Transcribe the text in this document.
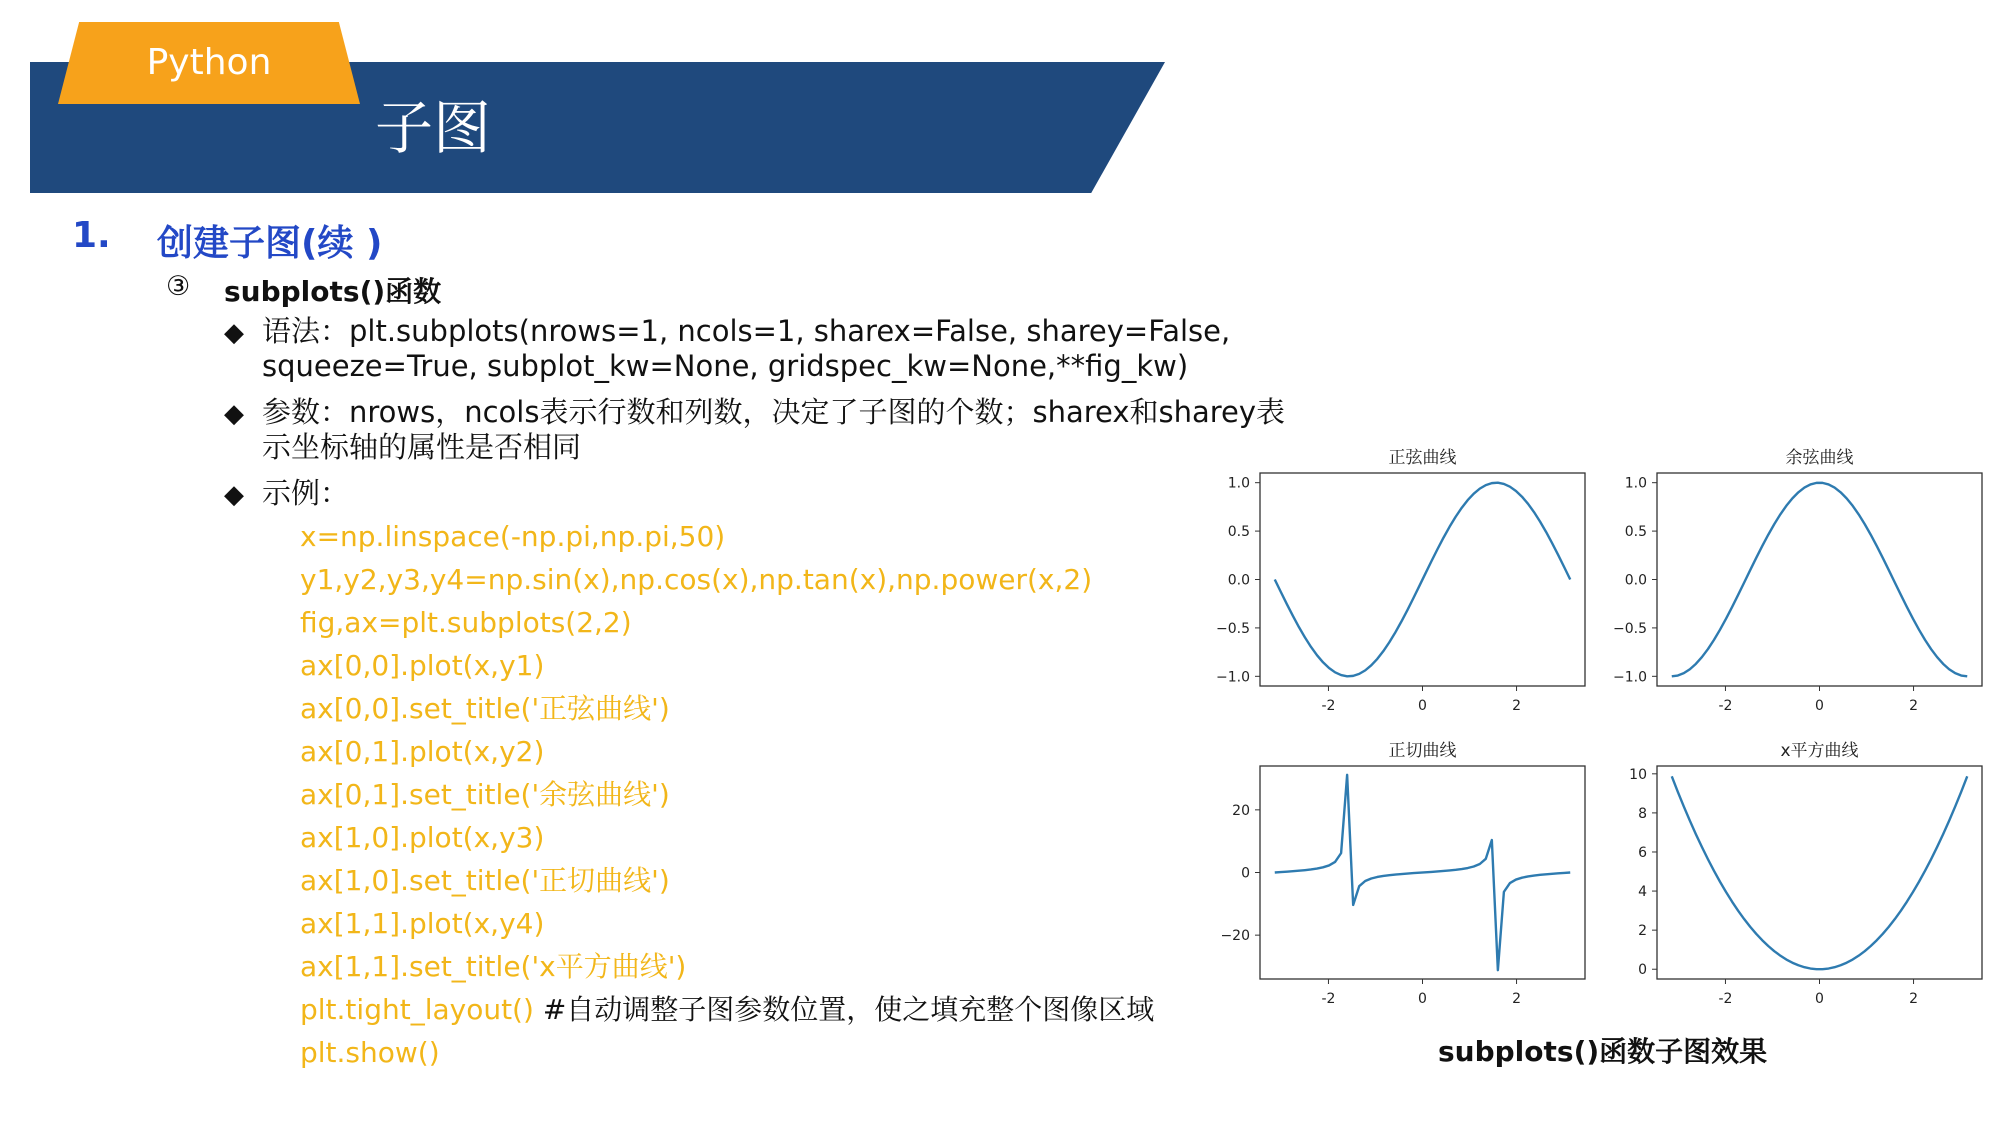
Python
子图
1. 创建子图(续 )
③ subplots()函数
◆ 语法：plt.subplots(nrows=1, ncols=1, sharex=False, sharey=False,
squeeze=True, subplot_kw=None, gridspec_kw=None,**fig_kw)
◆ 参数：nrows，ncols表示行数和列数，决定了子图的个数；sharex和sharey表
示坐标轴的属性是否相同
◆ 示例：
x=np.linspace(-np.pi,np.pi,50)
y1,y2,y3,y4=np.sin(x),np.cos(x),np.tan(x),np.power(x,2)
fig,ax=plt.subplots(2,2)
ax[0,0].plot(x,y1)
ax[0,0].set_title('正弦曲线')
ax[0,1].plot(x,y2)
ax[0,1].set_title('余弦曲线')
ax[1,0].plot(x,y3)
ax[1,0].set_title('正切曲线')
ax[1,1].plot(x,y4)
ax[1,1].set_title('x平方曲线')
plt.tight_layout() #自动调整子图参数位置，使之填充整个图像区域
plt.show()
正弦曲线
1.0
0.5
0.0
−0.5
−1.0
-2	0	2
余弦曲线
1.0
0.5
0.0
−0.5
−1.0
-2	0	2
正切曲线
20
0
−20
-2	0	2
x平方曲线
10
8
6
4
2
0
-2	0	2
subplots()函数子图效果
